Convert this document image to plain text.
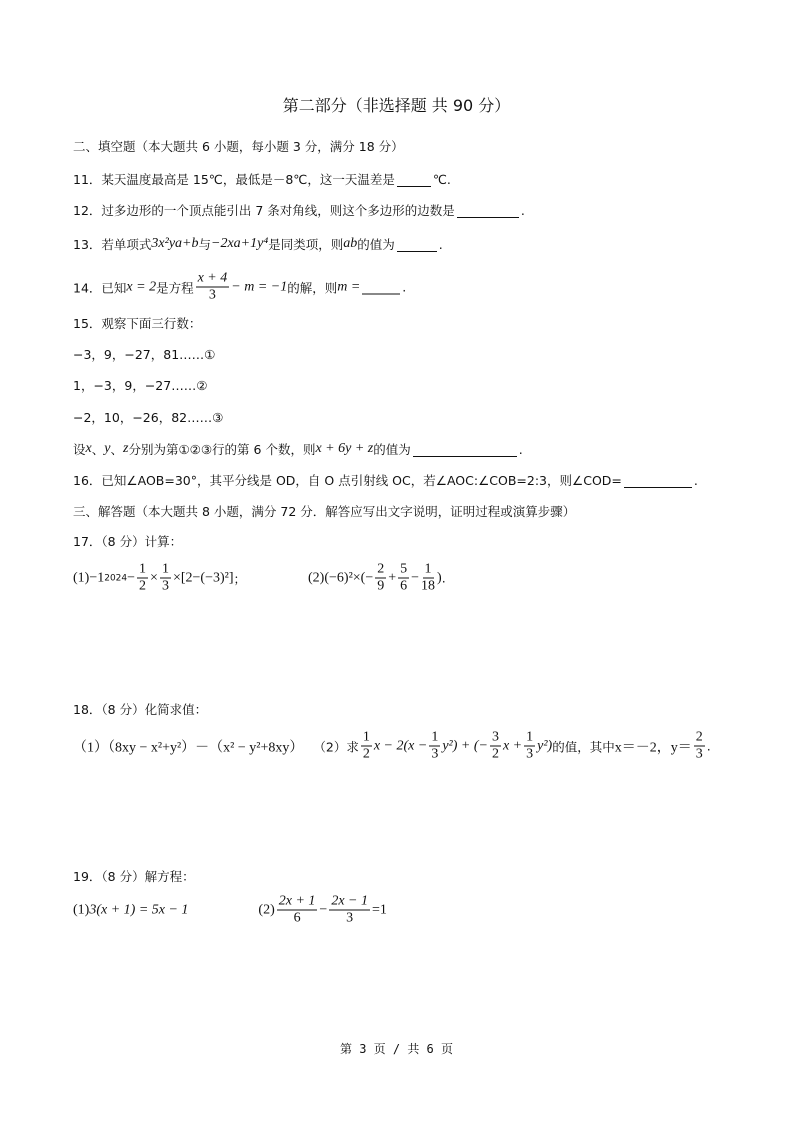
第二部分（非选择题 共 90 分）
二、填空题（本大题共 6 小题，每小题 3 分，满分 18 分）
11．某天温度最高是 15℃，最低是－8℃，这一天温差是	℃.
12．过多边形的一个顶点能引出 7 条对角线，则这个多边形的边数是	.
13．若单项式 3x²y a+b 与 −2x a+1 y⁴ 是同类项，则 a b 的值为	.
14．已知 x = 2 是方程 $\frac{x + 4}{3} - m = -1$ 的解，则 m =	.
15．观察下面三行数：
−3，9，−27，81……①
1，−3，9，−27……②
−2，10，−26，82……③
设 x 、 y 、 z 分别为第①②③行的第 6 个数，则 x + 6y + z 的值为	.
16．已知∠AOB=30°，其平分线是 OD，自 O 点引射线 OC，若∠AOC:∠COB=2:3，则∠COD=	.
三、解答题（本大题共 8 小题，满分 72 分．解答应写出文字说明，证明过程或演算步骤）
17．（8 分）计算：
(1) −1 $2024 - \frac{1}{2} \times \frac{1}{3} \times[2-(-3)^2]$ ；	(2) $(-6)^2\times(- \frac{2}{9} + \frac{5}{6} - \frac{1}{18}$ ) .
18．（8 分）化简求值：
（1）（8xy − x²+y²）－（x² − y²+8xy） （2）求 $\frac{1}{2}$ $x - 2(x - \frac{1}{3} y^2)$ + (− $\frac{3}{2}$ $x + \frac{1}{3} y^2$) 的值，其中 x＝－2，$y= \frac{2}{3}$ .
19．（8 分）解方程：
(1) 3(x + 1) = 5x − 1	$(2) \frac{2x + 1}{6} - \frac{2x - 1}{3} =1$
第 3 页 / 共 6 页
